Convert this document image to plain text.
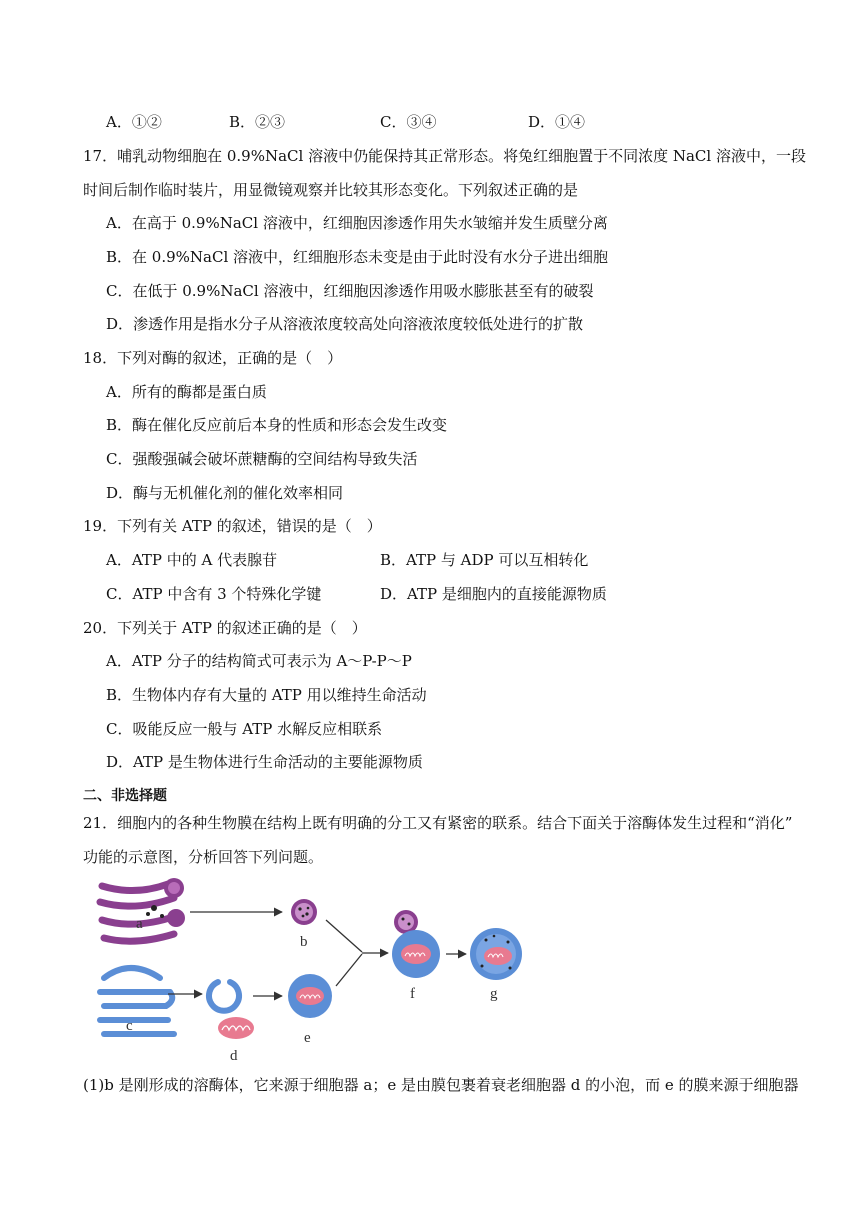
A．①②	B．②③	C．③④	D．①④
17．哺乳动物细胞在 0.9%NaCl 溶液中仍能保持其正常形态。将兔红细胞置于不同浓度 NaCl 溶液中，一段
时间后制作临时装片，用显微镜观察并比较其形态变化。下列叙述正确的是
A．在高于 0.9%NaCl 溶液中，红细胞因渗透作用失水皱缩并发生质壁分离
B．在 0.9%NaCl 溶液中，红细胞形态未变是由于此时没有水分子进出细胞
C．在低于 0.9%NaCl 溶液中，红细胞因渗透作用吸水膨胀甚至有的破裂
D．渗透作用是指水分子从溶液浓度较高处向溶液浓度较低处进行的扩散
18．下列对酶的叙述，正确的是（　）
A．所有的酶都是蛋白质
B．酶在催化反应前后本身的性质和形态会发生改变
C．强酸强碱会破坏蔗糖酶的空间结构导致失活
D．酶与无机催化剂的催化效率相同
19．下列有关 ATP 的叙述，错误的是（　）
A．ATP 中的 A 代表腺苷	B．ATP 与 ADP 可以互相转化
C．ATP 中含有 3 个特殊化学键	D．ATP 是细胞内的直接能源物质
20．下列关于 ATP 的叙述正确的是（　）
A．ATP 分子的结构简式可表示为 A～P-P～P
B．生物体内存有大量的 ATP 用以维持生命活动
C．吸能反应一般与 ATP 水解反应相联系
D．ATP 是生物体进行生命活动的主要能源物质
二、非选择题
21．细胞内的各种生物膜在结构上既有明确的分工又有紧密的联系。结合下面关于溶酶体发生过程和“消化”
功能的示意图，分析回答下列问题。
a
b
c
d
e
f	g
(1)b 是刚形成的溶酶体，它来源于细胞器 a；e 是由膜包裹着衰老细胞器 d 的小泡，而 e 的膜来源于细胞器
